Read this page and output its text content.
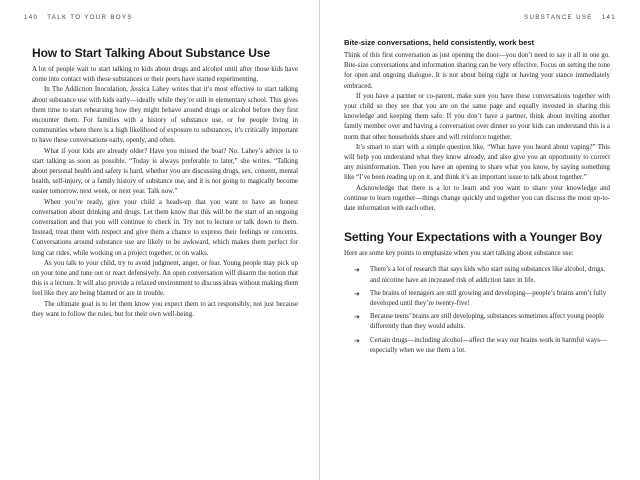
140 TALK TO YOUR BOYS
How to Start Talking About Substance Use

A lot of people wait to start talking to kids about drugs and alcohol until after those kids have come into contact with these substances or their peers have started experimenting.

In The Addiction Inoculation, Jessica Lahey writes that it’s most effective to start talking about substance use with kids early—ideally while they’re still in elementary school. This gives them time to start rehearsing how they might behave around drugs or alcohol before they first encounter them. For families with a history of substance use, or for people living in communities where there is a high likelihood of exposure to substances, it’s critically important to have these conversations early, openly, and often.

What if your kids are already older? Have you missed the boat? No. Lahey’s advice is to start talking as soon as possible. “Today is always preferable to later,” she writes. “Talking about personal health and safety is hard, whether you are discussing drugs, sex, consent, mental health, self-injury, or a family history of substance use, and it is not going to magically become easier tomorrow, next week, or next year. Talk now.”

When you’re ready, give your child a heads-up that you want to have an honest conversation about drinking and drugs. Let them know that this will be the start of an ongoing conversation and that you will continue to check in. Try not to lecture or talk down to them. Instead, treat them with respect and give them a chance to express their feelings or concerns. Conversations around substance use are likely to be awkward, which makes them perfect for long car rides, while working on a project together, or on walks.

As you talk to your child, try to avoid judgment, anger, or fear. Young people may pick up on your tone and tune out or react defensively. An open conversation will disarm the notion that this is a lecture. It will also provide a relaxed environment to discuss ideas without making them feel like they are being blamed or are in trouble.

The ultimate goal is to let them know you expect them to act responsibly, not just because they want to follow the rules, but for their own well-being.

SUBSTANCE USE 141
Bite-size conversations, held consistently, work best

Think of this first conversation as just opening the door—you don’t need to say it all in one go. Bite-size conversations and information sharing can be very effective. Focus on setting the tone for open and ongoing dialogue. It is not about being right or having your stance immediately embraced.

If you have a partner or co-parent, make sure you have these conversations together with your child so they see that you are on the same page and equally invested in sharing this knowledge and keeping them safe. If you don’t have a partner, think about inviting another family member over and having a conversation over dinner so your kids can understand this is a norm that other households share and will reinforce together.

It’s smart to start with a simple question like, “What have you heard about vaping?” This will help you understand what they know already, and also give you an opportunity to correct any misinformation. Then you have an opening to share what you know, by saying something like “I’ve been reading up on it, and think it’s an important issue to talk about together.”

Acknowledge that there is a lot to learn and you want to share your knowledge and continue to learn together—things change quickly and together you can discuss the most up-to-date information with each other.

Setting Your Expectations with a Younger Boy

Here are some key points to emphasize when you start talking about substance use:

➔ There’s a lot of research that says kids who start using substances like alcohol, drugs, and nicotine have an increased risk of addiction later in life.
➔ The brains of teenagers are still growing and developing—people’s brains aren’t fully developed until they’re twenty-five!
➔ Because teens’ brains are still developing, substances sometimes affect young people differently than they would adults.
➔ Certain drugs—including alcohol—affect the way our brains work in harmful ways—especially when we use them a lot.
